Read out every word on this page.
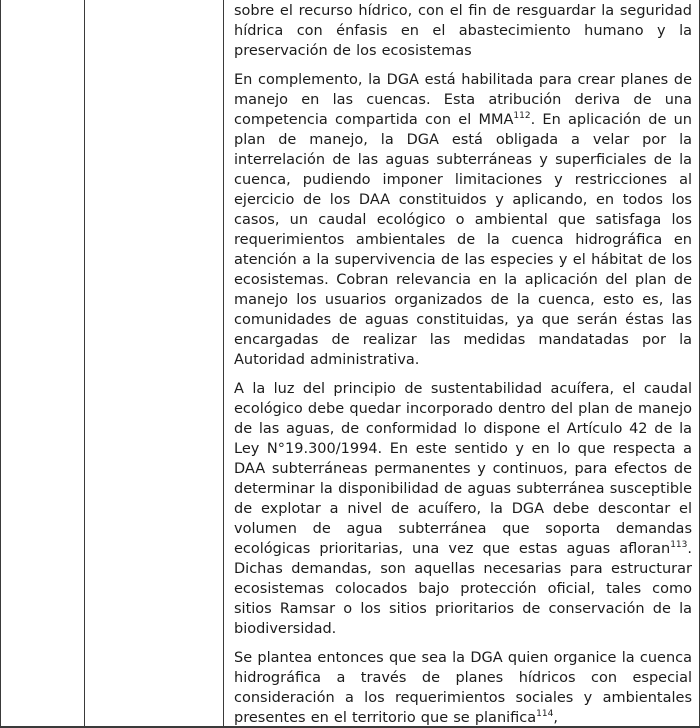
sobre el recurso hídrico, con el fin de resguardar la seguridad hídrica con énfasis en el abastecimiento humano y la preservación de los ecosistemas

En complemento, la DGA está habilitada para crear planes de manejo en las cuencas. Esta atribución deriva de una competencia compartida con el MMA$^{112}$. En aplicación de un plan de manejo, la DGA está obligada a velar por la interrelación de las aguas subterráneas y superficiales de la cuenca, pudiendo imponer limitaciones y restricciones al ejercicio de los DAA constituidos y aplicando, en todos los casos, un caudal ecológico o ambiental que satisfaga los requerimientos ambientales de la cuenca hidrográfica en atención a la supervivencia de las especies y el hábitat de los ecosistemas. Cobran relevancia en la aplicación del plan de manejo los usuarios organizados de la cuenca, esto es, las comunidades de aguas constituidas, ya que serán éstas las encargadas de realizar las medidas mandatadas por la Autoridad administrativa.

A la luz del principio de sustentabilidad acuífera, el caudal ecológico debe quedar incorporado dentro del plan de manejo de las aguas, de conformidad lo dispone el Artículo 42 de la Ley N°19.300/1994. En este sentido y en lo que respecta a DAA subterráneas permanentes y continuos, para efectos de determinar la disponibilidad de aguas subterránea susceptible de explotar a nivel de acuífero, la DGA debe descontar el volumen de agua subterránea que soporta demandas ecológicas prioritarias, una vez que estas aguas afloran$^{113}$. Dichas demandas, son aquellas necesarias para estructurar ecosistemas colocados bajo protección oficial, tales como sitios Ramsar o los sitios prioritarios de conservación de la biodiversidad.

Se plantea entonces que sea la DGA quien organice la cuenca hidrográfica a través de planes hídricos con especial consideración a los requerimientos sociales y ambientales presentes en el territorio que se planifica$^{114}$,
